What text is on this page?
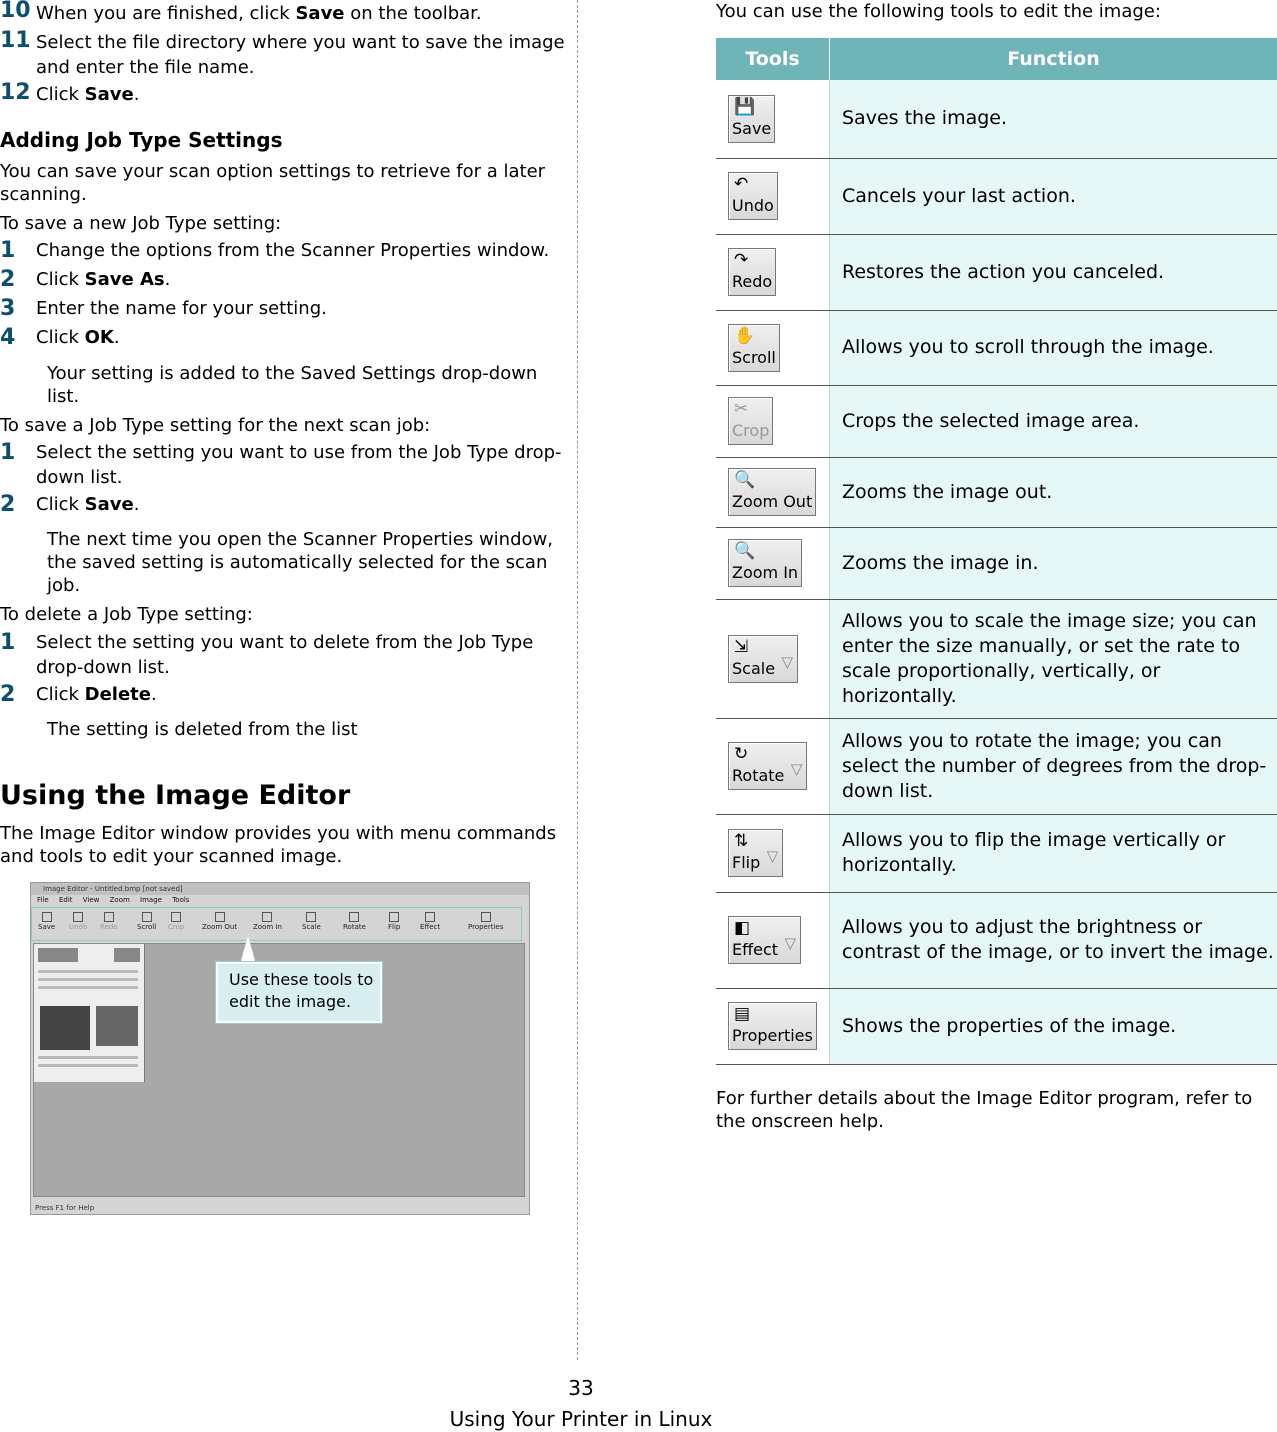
10 When you are finished, click Save on the toolbar.
11 Select the file directory where you want to save the image and enter the file name.
12 Click Save.
Adding Job Type Settings
You can save your scan option settings to retrieve for a later scanning.
To save a new Job Type setting:
1 Change the options from the Scanner Properties window.
2 Click Save As.
3 Enter the name for your setting.
4 Click OK.
Your setting is added to the Saved Settings drop-down list.
To save a Job Type setting for the next scan job:
1 Select the setting you want to use from the Job Type drop-down list.
2 Click Save.
The next time you open the Scanner Properties window, the saved setting is automatically selected for the scan job.
To delete a Job Type setting:
1 Select the setting you want to delete from the Job Type drop-down list.
2 Click Delete.
The setting is deleted from the list
Using the Image Editor
The Image Editor window provides you with menu commands and tools to edit your scanned image.
Image Editor - Untitled.bmp [not saved]
File Edit View Zoom Image Tools
Save Undo Redo	Scroll Crop	Zoom Out Zoom In	Scale	Rotate	Flip	Effect	Properties
Press F1 for Help
Use these tools to edit the image.
You can use the following tools to edit the image:
Tools	Function

💾
Save	Saves the image.

↶
Undo	Cancels your last action.

↷
Redo	Restores the action you canceled.

✋
Scroll	Allows you to scroll through the image.

✂
Crop	Crops the selected image area.

🔍
Zoom Out	Zooms the image out.

🔍
Zoom In	Zooms the image in.

⇲
Scale ▽	Allows you to scale the image size; you can enter the size manually, or set the rate to scale proportionally, vertically, or horizontally.

↻
Rotate ▽	Allows you to rotate the image; you can select the number of degrees from the drop-down list.

⇅
Flip ▽	Allows you to flip the image vertically or horizontally.

◧
Effect ▽	Allows you to adjust the brightness or contrast of the image, or to invert the image.

▤
Properties	Shows the properties of the image.
For further details about the Image Editor program, refer to the onscreen help.
33
Using Your Printer in Linux
